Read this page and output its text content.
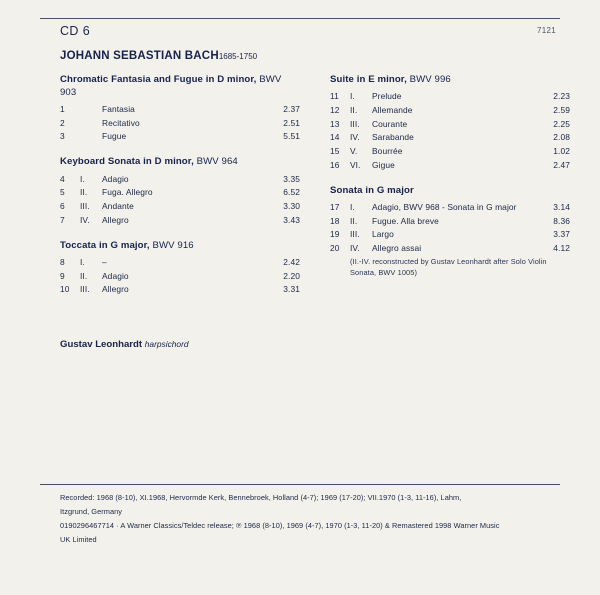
CD 6	7121
JOHANN SEBASTIAN BACH1685-1750
Chromatic Fantasia and Fugue in D minor, BWV 903
1	Fantasia	2.37
2	Recitativo	2.51
3	Fugue	5.51
Keyboard Sonata in D minor, BWV 964
4	I. Adagio	3.35
5	II. Fuga. Allegro	6.52
6	III. Andante	3.30
7	IV. Allegro	3.43
Toccata in G major, BWV 916
8	I. –	2.42
9	II. Adagio	2.20
10	III. Allegro	3.31
Suite in E minor, BWV 996
11	I. Prelude	2.23
12	II. Allemande	2.59
13	III. Courante	2.25
14	IV. Sarabande	2.08
15	V. Bourrée	1.02
16	VI. Gigue	2.47
Sonata in G major
17	I. Adagio, BWV 968 - Sonata in G major	3.14
18	II. Fugue. Alla breve	8.36
19	III. Largo	3.37
20	IV. Allegro assai	4.12
(II.-IV. reconstructed by Gustav Leonhardt after Solo Violin Sonata, BWV 1005)
Gustav Leonhardt harpsichord

Recorded: 1968 (8-10), XI.1968, Hervormde Kerk, Bennebroek, Holland (4-7); 1969 (17-20); VII.1970 (1-3, 11-16), Lahm,

Itzgrund, Germany

0190296467714 · A Warner Classics/Teldec release; ℗ 1968 (8-10), 1969 (4-7), 1970 (1-3, 11-20) & Remastered 1998 Warner Music

UK Limited
